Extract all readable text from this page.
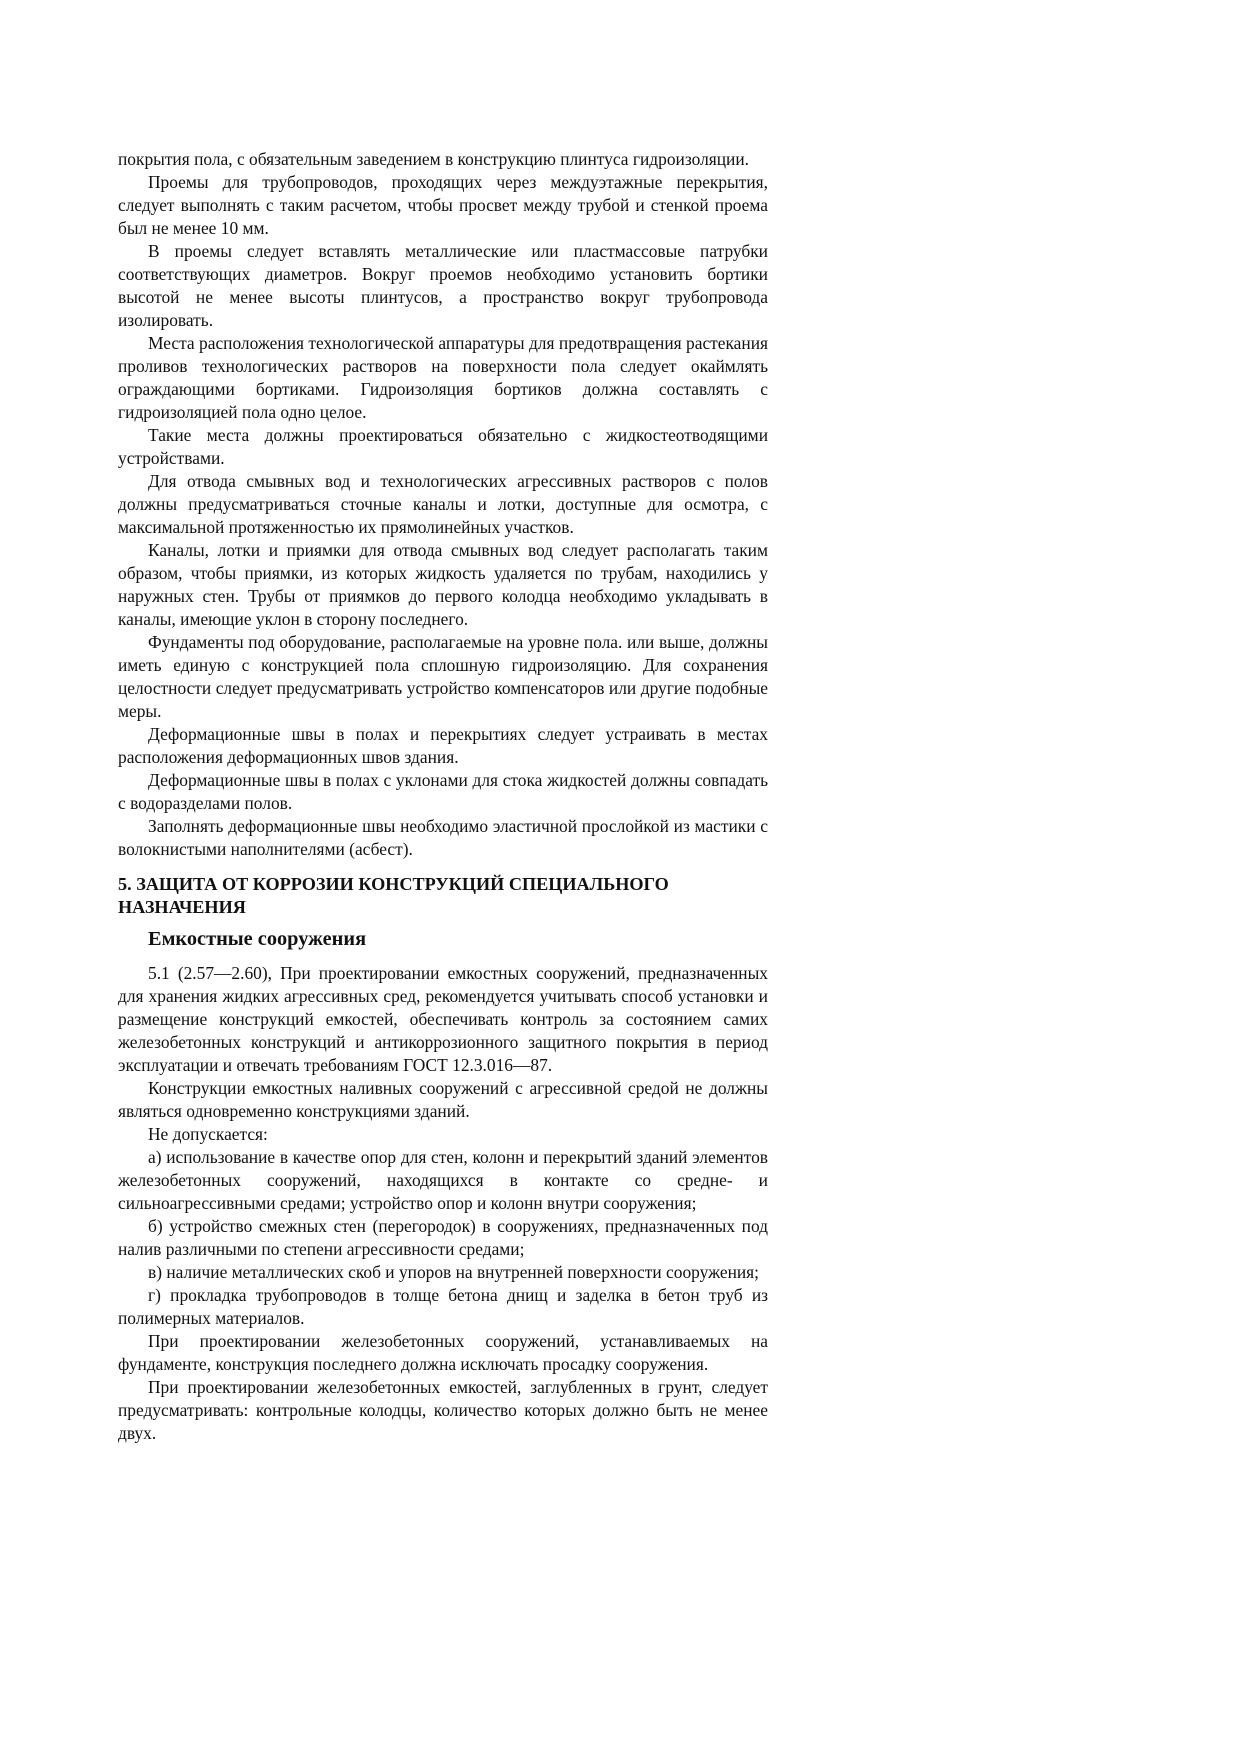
покрытия пола, с обязательным заведением в конструкцию плинтуса гидроизоляции.

Проемы для трубопроводов, проходящих через междуэтажные перекрытия, следует выполнять с таким расчетом, чтобы просвет между трубой и стенкой проема был не менее 10 мм.

В проемы следует вставлять металлические или пластмассовые патрубки соответствующих диаметров. Вокруг проемов необходимо установить бортики высотой не менее высоты плинтусов, а пространство вокруг трубопровода изолировать.

Места расположения технологической аппаратуры для предотвращения растекания проливов технологических растворов на поверхности пола следует окаймлять ограждающими бортиками. Гидроизоляция бортиков должна составлять с гидроизоляцией пола одно целое.

Такие места должны проектироваться обязательно с жидкостеотводящими устройствами.

Для отвода смывных вод и технологических агрессивных растворов с полов должны предусматриваться сточные каналы и лотки, доступные для осмотра, с максимальной протяженностью их прямолинейных участков.

Каналы, лотки и приямки для отвода смывных вод следует располагать таким образом, чтобы приямки, из которых жидкость удаляется по трубам, находились у наружных стен. Трубы от приямков до первого колодца необходимо укладывать в каналы, имеющие уклон в сторону последнего.

Фундаменты под оборудование, располагаемые на уровне пола. или выше, должны иметь единую с конструкцией пола сплошную гидроизоляцию. Для сохранения целостности следует предусматривать устройство компенсаторов или другие подобные меры.

Деформационные швы в полах и перекрытиях следует устраивать в местах расположения деформационных швов здания.

Деформационные швы в полах с уклонами для стока жидкостей должны совпадать с водоразделами полов.

Заполнять деформационные швы необходимо эластичной прослойкой из мастики с волокнистыми наполнителями (асбест).

5. ЗАЩИТА ОТ КОРРОЗИИ КОНСТРУКЦИЙ СПЕЦИАЛЬНОГО НАЗНАЧЕНИЯ
Емкостные сооружения

5.1 (2.57—2.60), При проектировании емкостных сооружений, предназначенных для хранения жидких агрессивных сред, рекомендуется учитывать способ установки и размещение конструкций емкостей, обеспечивать контроль за состоянием самих железобетонных конструкций и антикоррозионного защитного покрытия в период эксплуатации и отвечать требованиям ГОСТ 12.3.016—87.

Конструкции емкостных наливных сооружений с агрессивной средой не должны являться одновременно конструкциями зданий.

Не допускается:

а) использование в качестве опор для стен, колонн и перекрытий зданий элементов железобетонных сооружений, находящихся в контакте со средне- и сильноагрессивными средами; устройство опор и колонн внутри сооружения;

б) устройство смежных стен (перегородок) в сооружениях, предназначенных под налив различными по степени агрессивности средами;

в) наличие металлических скоб и упоров на внутренней поверхности сооружения;

г) прокладка трубопроводов в толще бетона днищ и заделка в бетон труб из полимерных материалов.

При проектировании железобетонных сооружений, устанавливаемых на фундаменте, конструкция последнего должна исключать просадку сооружения.

При проектировании железобетонных емкостей, заглубленных в грунт, следует предусматривать: контрольные колодцы, количество которых должно быть не менее двух.
